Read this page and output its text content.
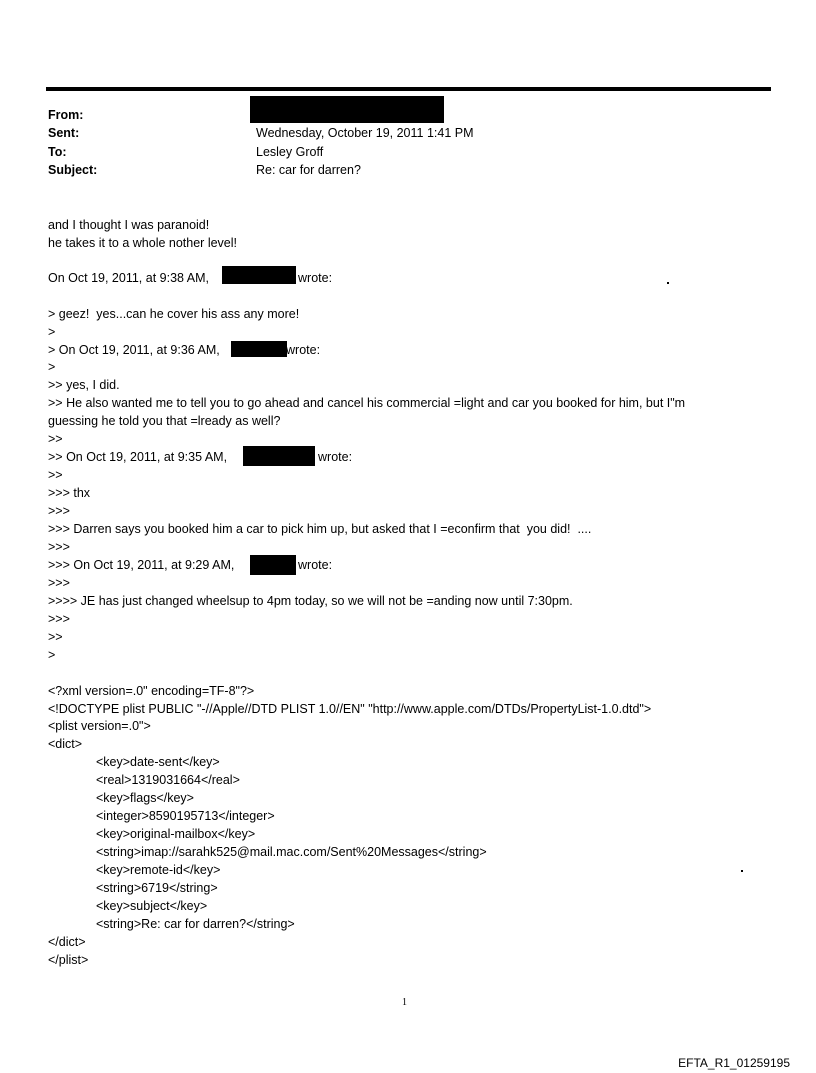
From:
Sent:	Wednesday, October 19, 2011 1:41 PM
To:	Lesley Groff
Subject:	Re: car for darren?
and I thought I was paranoid!
he takes it to a whole nother level!
On Oct 19, 2011, at 9:38 AM,	wrote:
> geez!  yes...can he cover his ass any more!
>
> On Oct 19, 2011, at 9:36 AM,	wrote:
>
>> yes, I did.
>> He also wanted me to tell you to go ahead and cancel his commercial =light and car you booked for him, but I"m
guessing he told you that =lready as well?
>>
>> On Oct 19, 2011, at 9:35 AM,	wrote:
>>
>>> thx
>>>
>>> Darren says you booked him a car to pick him up, but asked that I =econfirm that  you did!  ....
>>>
>>> On Oct 19, 2011, at 9:29 AM,	wrote:
>>>
>>>> JE has just changed wheelsup to 4pm today, so we will not be =anding now until 7:30pm.
>>>
>>
>
<?xml version=.0" encoding=TF-8"?>
<!DOCTYPE plist PUBLIC "-//Apple//DTD PLIST 1.0//EN" "http://www.apple.com/DTDs/PropertyList-1.0.dtd">
<plist version=.0">
<dict>
<key>date-sent</key>
<real>1319031664</real>
<key>flags</key>
<integer>8590195713</integer>
<key>original-mailbox</key>
<string>imap://sarahk525@mail.mac.com/Sent%20Messages</string>
<key>remote-id</key>
<string>6719</string>
<key>subject</key>
<string>Re: car for darren?</string>
</dict>
</plist>
1
EFTA_R1_01259195
